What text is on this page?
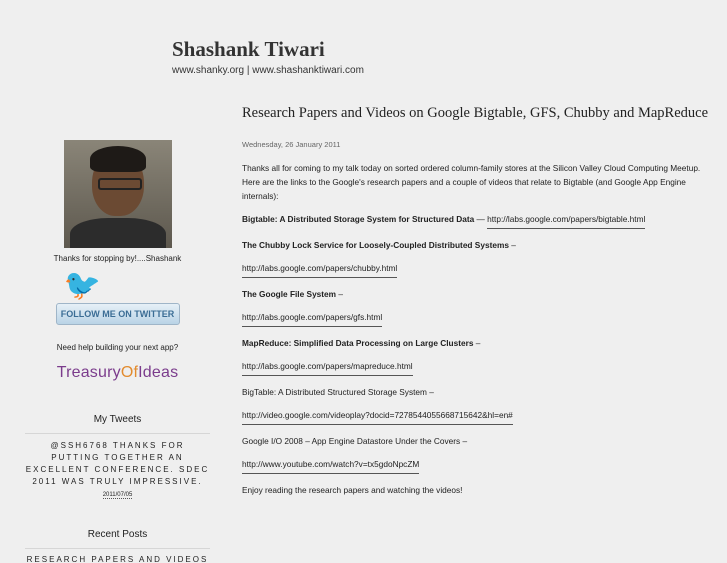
Shashank Tiwari
www.shanky.org | www.shashanktiwari.com
Thanks for stopping by!....Shashank
🐦
FOLLOW ME ON TWITTER
Need help building your next app?
TreasuryOfIdeas
My Tweets
@SSH6768 THANKS FOR PUTTING TOGETHER AN EXCELLENT CONFERENCE. SDEC 2011 WAS TRULY IMPRESSIVE. 2011/07/05
Recent Posts
RESEARCH PAPERS AND VIDEOS
Research Papers and Videos on Google Bigtable, GFS, Chubby and MapReduce
Wednesday, 26 January 2011

Thanks all for coming to my talk today on sorted ordered column-family stores at the Silicon Valley Cloud Computing Meetup. Here are the links to the Google's research papers and a couple of videos that relate to Bigtable (and Google App Engine internals):

Bigtable: A Distributed Storage System for Structured Data — http://labs.google.com/papers/bigtable.html

The Chubby Lock Service for Loosely-Coupled Distributed Systems –

http://labs.google.com/papers/chubby.html

The Google File System –

http://labs.google.com/papers/gfs.html

MapReduce: Simplified Data Processing on Large Clusters –

http://labs.google.com/papers/mapreduce.html

BigTable: A Distributed Structured Storage System –

http://video.google.com/videoplay?docid=7278544055668715642&hl=en#

Google I/O 2008 – App Engine Datastore Under the Covers –

http://www.youtube.com/watch?v=tx5gdoNpcZM

Enjoy reading the research papers and watching the videos!
